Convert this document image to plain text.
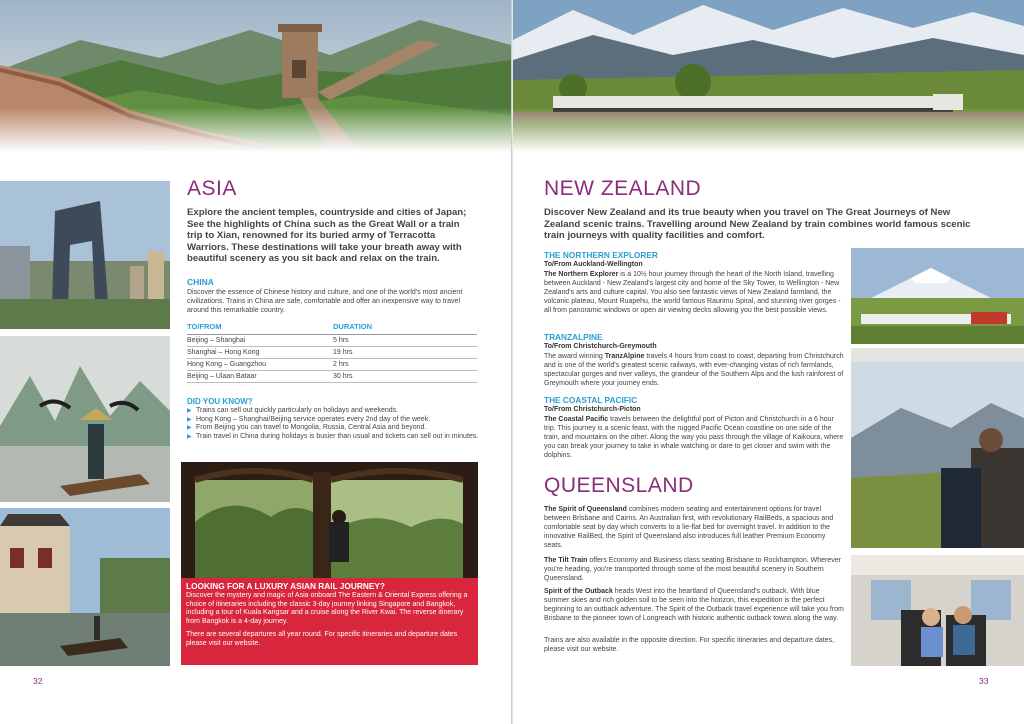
ASIA

Explore the ancient temples, countryside and cities of Japan; See the highlights of China such as the Great Wall or a train trip to Xian, renowned for its buried army of Terracotta Warriors. These destinations will take your breath away with beautiful scenery as you sit back and relax on the train.

CHINA

Discover the essence of Chinese history and culture, and one of the world's most ancient civilizations. Trains in China are safe, comfortable and offer an inexpensive way to travel around this remarkable country.

TO/FROM	DURATION
Beijing – Shanghai	5 hrs
Shanghai – Hong Kong	19 hrs
Hong Kong – Guangzhou	2 hrs
Beijing – Ulaan Bataar	30 hrs
DID YOU KNOW?
▶ Trains can sell out quickly particularly on holidays and weekends.
▶ Hong Kong – Shanghai/Beijing service operates every 2nd day of the week.
▶ From Beijing you can travel to Mongolia, Russia, Central Asia and beyond.
▶ Train travel in China during holidays is busier than usual and tickets can sell out in minutes.
LOOKING FOR A LUXURY ASIAN RAIL JOURNEY?
Discover the mystery and magic of Asia onboard The Eastern & Oriental Express offering a choice of itineraries including the classic 3-day journey linking Singapore and Bangkok, including a tour of Kuala Kangsar and a cruise along the River Kwai. The reverse itinerary from Bangkok is a 4-day journey.
There are several departures all year round. For specific itineraries and departure dates please visit our website.
32
NEW ZEALAND

Discover New Zealand and its true beauty when you travel on The Great Journeys of New Zealand scenic trains. Travelling around New Zealand by train combines world famous scenic train journeys with quality facilities and comfort.

THE NORTHERN EXPLORER
To/From Auckland-Wellington

The Northern Explorer is a 10½ hour journey through the heart of the North Island, travelling between Auckland - New Zealand's largest city and home of the Sky Tower, to Wellington - New Zealand's arts and culture capital. You also see fantastic views of New Zealand farmland, the volcanic plateau, Mount Ruapehu, the world famous Raurimu Spiral, and stunning river gorges - all from panoramic windows or open air viewing decks allowing you the best possible views.

TRANZALPINE
To/From Christchurch-Greymouth

The award winning TranzAlpine travels 4 hours from coast to coast, departing from Christchurch and is one of the world's greatest scenic railways, with ever-changing vistas of rich farmlands, spectacular gorges and river valleys, the grandeur of the Southern Alps and the lush rainforest of Greymouth where your journey ends.

THE COASTAL PACIFIC
To/From Christchurch-Picton

The Coastal Pacific travels between the delightful port of Picton and Christchurch in a 6 hour trip. This journey is a scenic feast, with the rugged Pacific Ocean coastline on one side of the train, and mountains on the other. Along the way you pass through the village of Kaikoura, where you can break your journey to take in whale watching or dare to get closer and swim with the dolphins.

QUEENSLAND

The Spirit of Queensland combines modern seating and entertainment options for travel between Brisbane and Cairns. An Australian first, with revolutionary RailBeds, a spacious and comfortable seat by day which converts to a lie-flat bed for overnight travel. In addition to the innovative RailBed, the Spirit of Queensland also introduces full leather Premium Economy seats.

The Tilt Train offers Economy and Business class seating Brisbane to Rockhampton. Wherever you're heading, you're transported through some of the most beautiful scenery in Southern Queensland.

Spirit of the Outback heads West into the heartland of Queensland's outback. With blue summer skies and rich golden soil to be seen into the horizon, this expedition is the perfect beginning to an outback adventure. The Spirit of the Outback travel experience will take you from Brisbane to the pioneer town of Longreach with historic authentic outback towns along the way.

Trains are also available in the opposite direction. For specific itineraries and departure dates, please visit our website.

33
